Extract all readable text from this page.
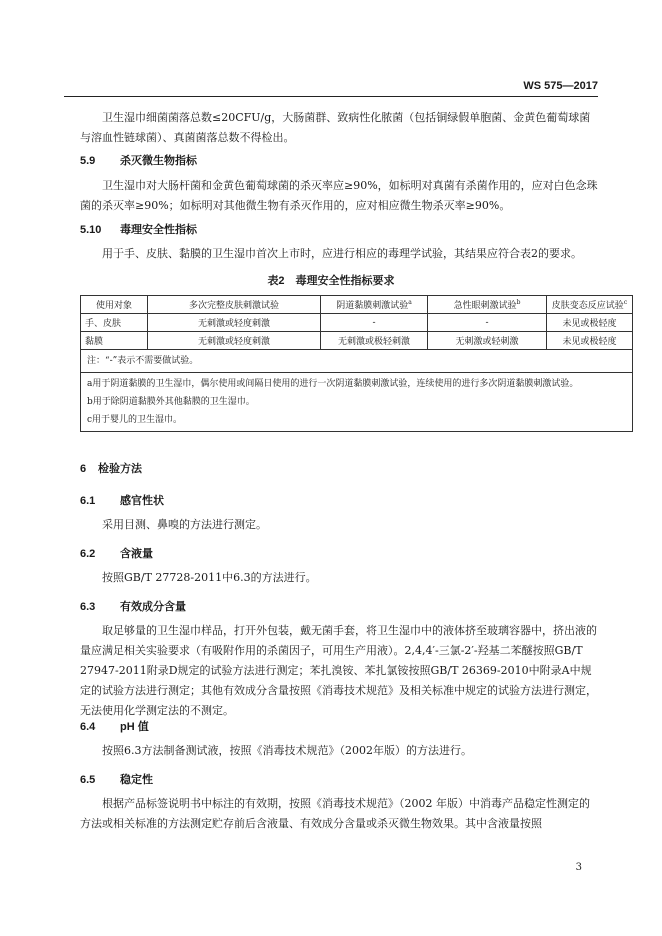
WS 575—2017
卫生湿巾细菌菌落总数≤20CFU/g，大肠菌群、致病性化脓菌（包括铜绿假单胞菌、金黄色葡萄球菌与溶血性链球菌）、真菌菌落总数不得检出。
5.9 杀灭微生物指标
卫生湿巾对大肠杆菌和金黄色葡萄球菌的杀灭率应≥90%，如标明对真菌有杀菌作用的，应对白色念珠菌的杀灭率≥90%；如标明对其他微生物有杀灭作用的，应对相应微生物杀灭率≥90%。
5.10 毒理安全性指标
用于手、皮肤、黏膜的卫生湿巾首次上市时，应进行相应的毒理学试验，其结果应符合表2的要求。
表2　毒理安全性指标要求
使用对象	多次完整皮肤刺激试验	阴道黏膜刺激试验$^a$	急性眼刺激试验$^b$	皮肤变态反应试验$^c$
手、皮肤	无刺激或轻度刺激	-	-	未见或极轻度
黏膜	无刺激或轻度刺激	无刺激或极轻刺激	无刺激或轻刺激	未见或极轻度
注：“-”表示不需要做试验。				

a用于阴道黏膜的卫生湿巾，偶尔使用或间隔日使用的进行一次阴道黏膜刺激试验，连续使用的进行多次阴道黏膜刺激试验。
b用于除阴道黏膜外其他黏膜的卫生湿巾。
c用于婴儿的卫生湿巾。				
6 检验方法
6.1 感官性状
采用目测、鼻嗅的方法进行测定。
6.2 含液量
按照GB/T 27728-2011中6.3的方法进行。
6.3 有效成分含量
取足够量的卫生湿巾样品，打开外包装，戴无菌手套，将卫生湿巾中的液体挤至玻璃容器中，挤出液的量应满足相关实验要求（有吸附作用的杀菌因子，可用生产用液）。2,4,4′-三氯-2′-羟基二苯醚按照GB/T 27947-2011附录D规定的试验方法进行测定；苯扎溴铵、苯扎氯铵按照GB/T 26369-2010中附录A中规定的试验方法进行测定；其他有效成分含量按照《消毒技术规范》及相关标准中规定的试验方法进行测定，无法使用化学测定法的不测定。
6.4 pH 值
按照6.3方法制备测试液，按照《消毒技术规范》（2002年版）的方法进行。
6.5 稳定性
根据产品标签说明书中标注的有效期，按照《消毒技术规范》（2002 年版）中消毒产品稳定性测定的方法或相关标准的方法测定贮存前后含液量、有效成分含量或杀灭微生物效果。其中含液量按照
3
